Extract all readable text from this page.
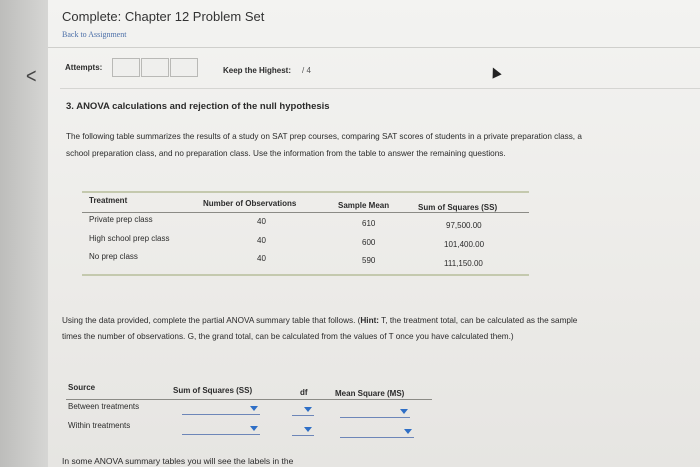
<
Complete: Chapter 12 Problem Set
Back to Assignment
Attempts:	Keep the Highest: / 4
3. ANOVA calculations and rejection of the null hypothesis
The following table summarizes the results of a study on SAT prep courses, comparing SAT scores of students in a private preparation class, a
school preparation class, and no preparation class. Use the information from the table to answer the remaining questions.
Treatment	Number of Observations	Sample Mean	Sum of Squares (SS)
Private prep class	40	610	97,500.00
High school prep class	40	600	101,400.00
No prep class	40	590	111,150.00
Using the data provided, complete the partial ANOVA summary table that follows. (Hint: T, the treatment total, can be calculated as the sample
times the number of observations. G, the grand total, can be calculated from the values of T once you have calculated them.)
Source	Sum of Squares (SS)	df	Mean Square (MS)
Between treatments
Within treatments
In some ANOVA summary tables you will see the labels in the
